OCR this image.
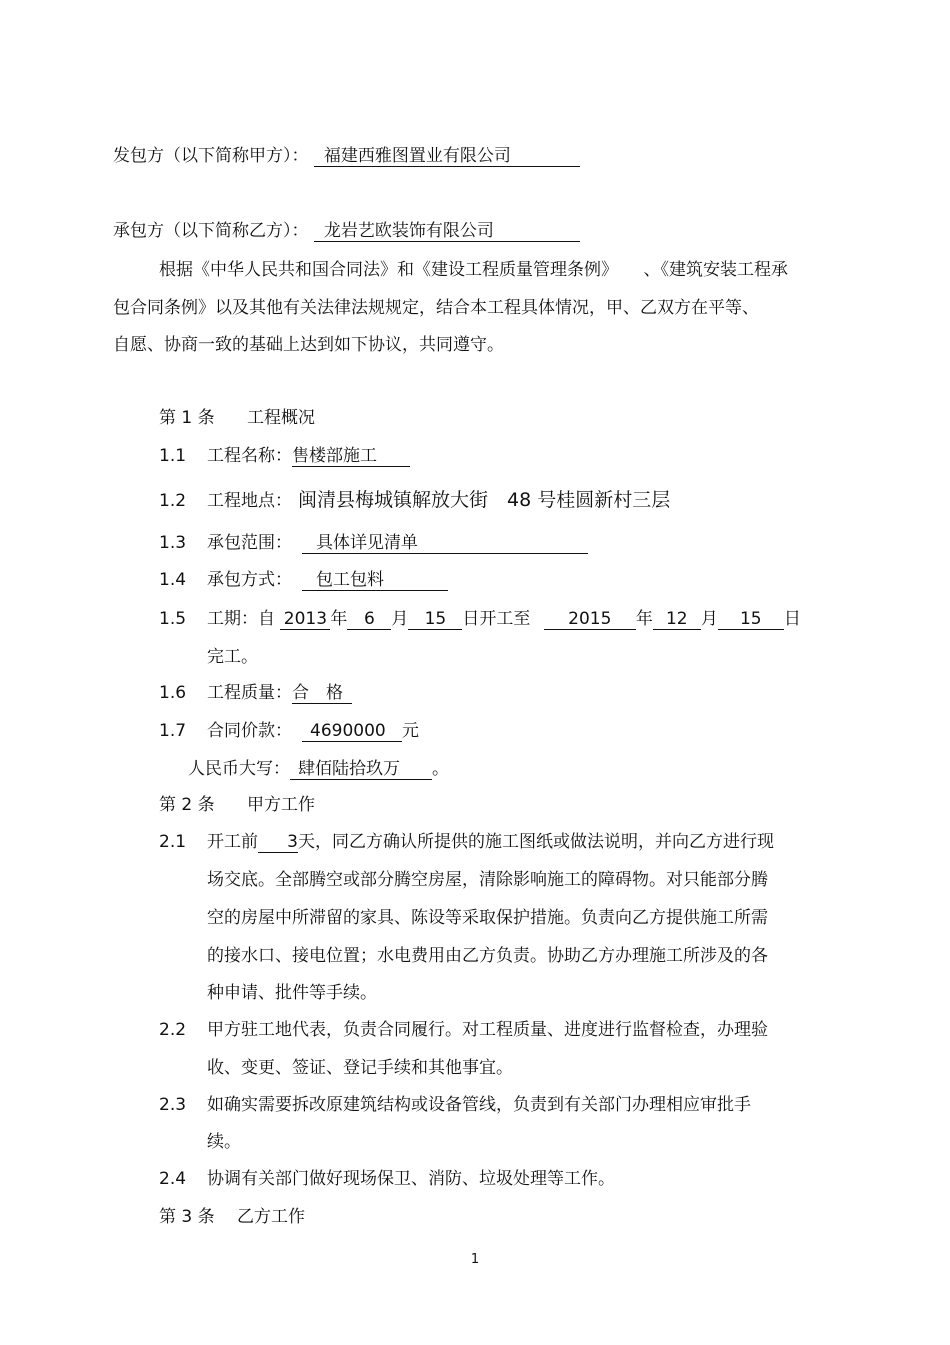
发包方（以下简称甲方）： 福建西雅图置业有限公司
承包方（以下简称乙方）： 龙岩艺欧装饰有限公司
根据《中华人民共和国合同法》和《建设工程质量管理条例》　　、《建筑安装工程承
包合同条例》以及其他有关法律法规规定，结合本工程具体情况，甲、乙双方在平等、
自愿、协商一致的基础上达到如下协议，共同遵守。
第 1 条 工程概况
1.1 工程名称：售楼部施工
1.2 工程地点： 闽清县梅城镇解放大街　48 号桂圆新村三层
1.3 承包范围： 具体详见清单
1.4 承包方式： 包工包料
1.5 工期：自 2013 年 6 月 15 日开工至 2015 年 12 月 15 日
完工。
1.6 工程质量：合　格
1.7 合同价款： 4690000 元
人民币大写： 肆佰陆拾玖万 。
第 2 条 甲方工作
2.1 开工前 3天，同乙方确认所提供的施工图纸或做法说明，并向乙方进行现
场交底。全部腾空或部分腾空房屋，清除影响施工的障碍物。对只能部分腾
空的房屋中所滞留的家具、陈设等采取保护措施。负责向乙方提供施工所需
的接水口、接电位置；水电费用由乙方负责。协助乙方办理施工所涉及的各
种申请、批件等手续。
2.2 甲方驻工地代表，负责合同履行。对工程质量、进度进行监督检查，办理验
收、变更、签证、登记手续和其他事宜。
2.3 如确实需要拆改原建筑结构或设备管线，负责到有关部门办理相应审批手
续。
2.4 协调有关部门做好现场保卫、消防、垃圾处理等工作。
第 3 条 乙方工作
1
